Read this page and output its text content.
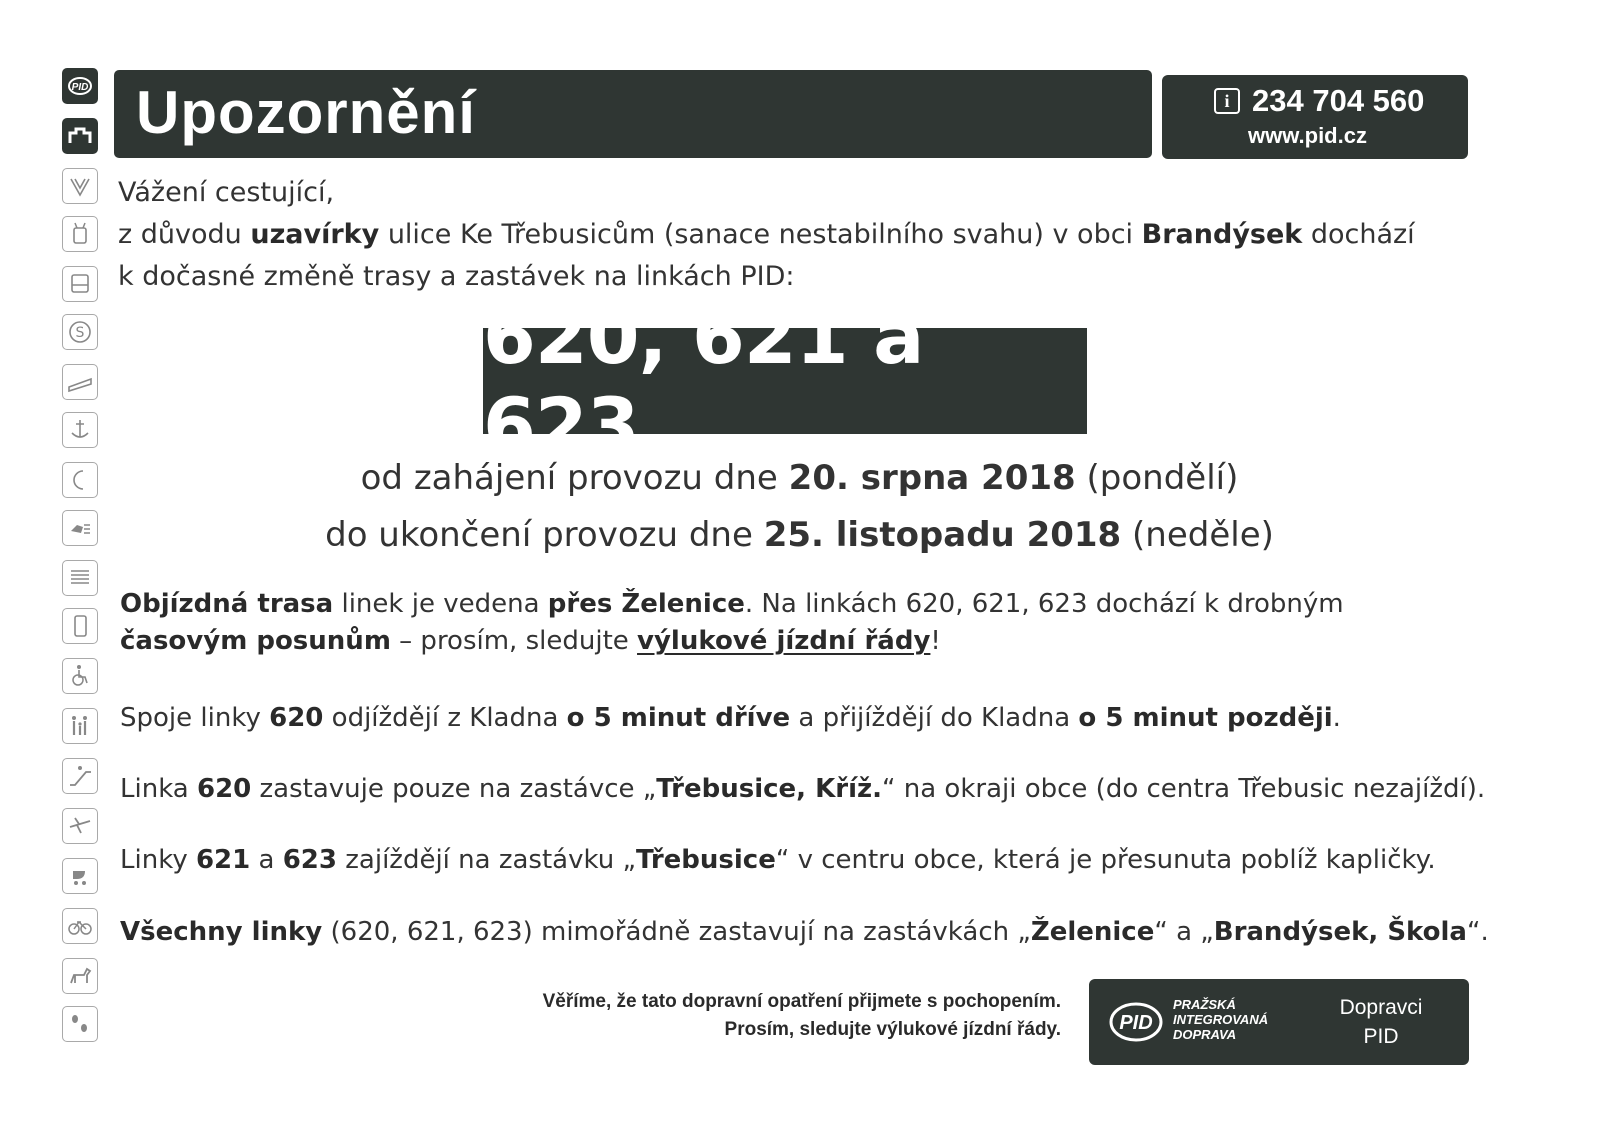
PID
S
Upozornění	i 234 704 560
www.pid.cz
Vážení cestující,
z důvodu uzavírky ulice Ke Třebusicům (sanace nestabilního svahu) v obci Brandýsek dochází
k dočasné změně trasy a zastávek na linkách PID:
620, 621 a 623
od zahájení provozu dne 20. srpna 2018 (pondělí)
do ukončení provozu dne 25. listopadu 2018 (neděle)
Objízdná trasa linek je vedena přes Želenice. Na linkách 620, 621, 623 dochází k drobným
časovým posunům – prosím, sledujte výlukové jízdní řády!
Spoje linky 620 odjíždějí z Kladna o 5 minut dříve a přijíždějí do Kladna o 5 minut později.
Linka 620 zastavuje pouze na zastávce „Třebusice, Kříž.“ na okraji obce (do centra Třebusic nezajíždí).
Linky 621 a 623 zajíždějí na zastávku „Třebusice“ v centru obce, která je přesunuta poblíž kapličky.
Všechny linky (620, 621, 623) mimořádně zastavují na zastávkách „Želenice“ a „Brandýsek, Škola“.
Věříme, že tato dopravní opatření přijmete s pochopením.
Prosím, sledujte výlukové jízdní řády.	PID
PRAŽSKÁ
INTEGROVANÁ
DOPRAVA
Dopravci
PID
